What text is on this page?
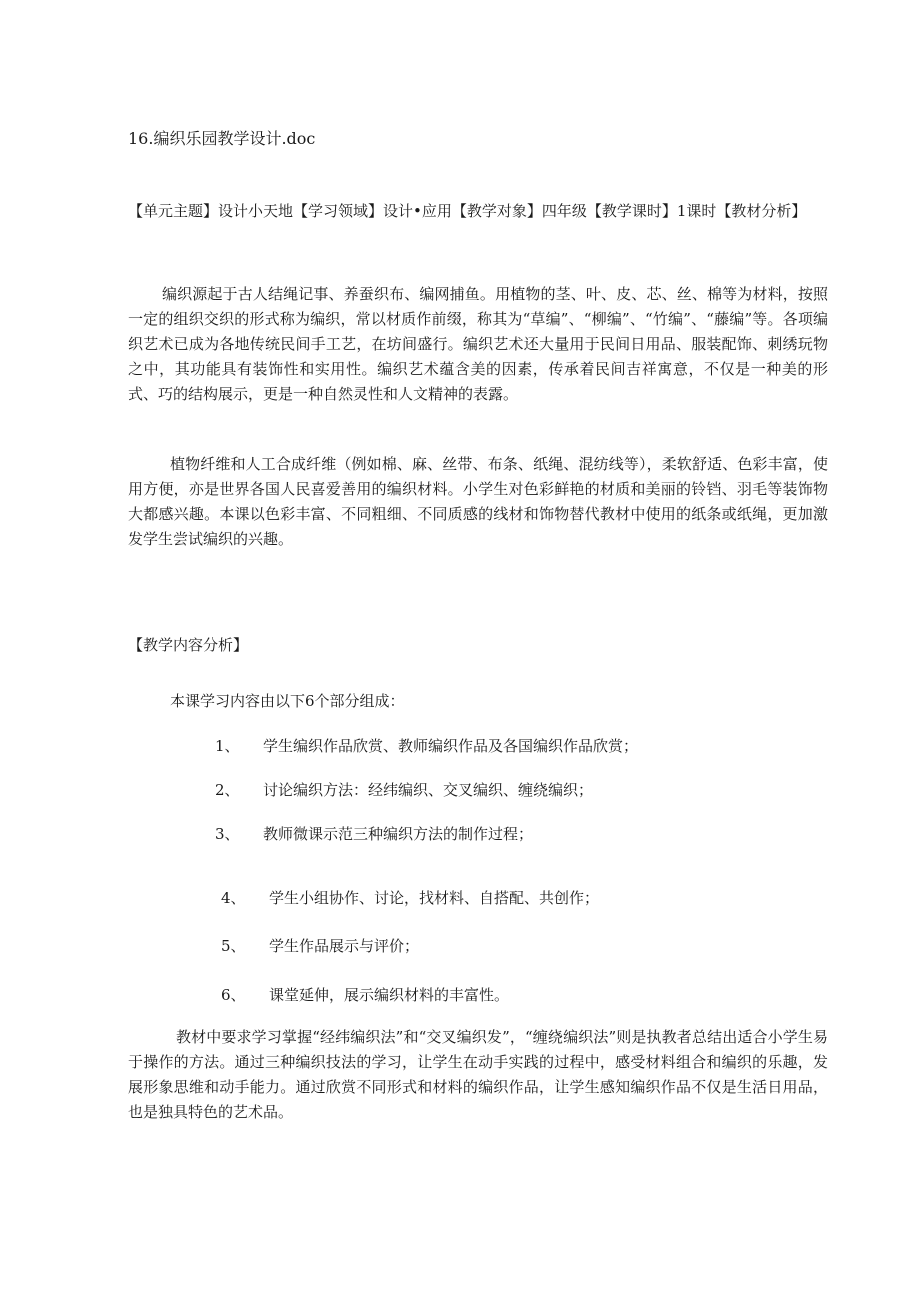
16.编织乐园教学设计.doc
【单元主题】设计小天地【学习领域】设计•应用【教学对象】四年级【教学课时】1课时【教材分析】
编织源起于古人结绳记事、养蚕织布、编网捕鱼。用植物的茎、叶、皮、芯、丝、棉等为材料，按照一定的组织交织的形式称为编织，常以材质作前缀，称其为“草编”、“柳编”、“竹编”、“藤编”等。各项编织艺术已成为各地传统民间手工艺，在坊间盛行。编织艺术还大量用于民间日用品、服装配饰、刺绣玩物之中，其功能具有装饰性和实用性。编织艺术蕴含美的因素，传承着民间吉祥寓意，不仅是一种美的形式、巧的结构展示，更是一种自然灵性和人文精神的表露。
植物纤维和人工合成纤维（例如棉、麻、丝带、布条、纸绳、混纺线等），柔软舒适、色彩丰富，使用方便，亦是世界各国人民喜爱善用的编织材料。小学生对色彩鲜艳的材质和美丽的铃铛、羽毛等装饰物大都感兴趣。本课以色彩丰富、不同粗细、不同质感的线材和饰物替代教材中使用的纸条或纸绳，更加激发学生尝试编织的兴趣。
【教学内容分析】
本课学习内容由以下6个部分组成：
1、	学生编织作品欣赏、教师编织作品及各国编织作品欣赏；
2、	讨论编织方法：经纬编织、交叉编织、缠绕编织；
3、	教师微课示范三种编织方法的制作过程；
4、	学生小组协作、讨论，找材料、自搭配、共创作；
5、	学生作品展示与评价；
6、	课堂延伸，展示编织材料的丰富性。
教材中要求学习掌握“经纬编织法”和“交叉编织发”，“缠绕编织法”则是执教者总结出适合小学生易于操作的方法。通过三种编织技法的学习，让学生在动手实践的过程中，感受材料组合和编织的乐趣，发展形象思维和动手能力。通过欣赏不同形式和材料的编织作品，让学生感知编织作品不仅是生活日用品，也是独具特色的艺术品。
